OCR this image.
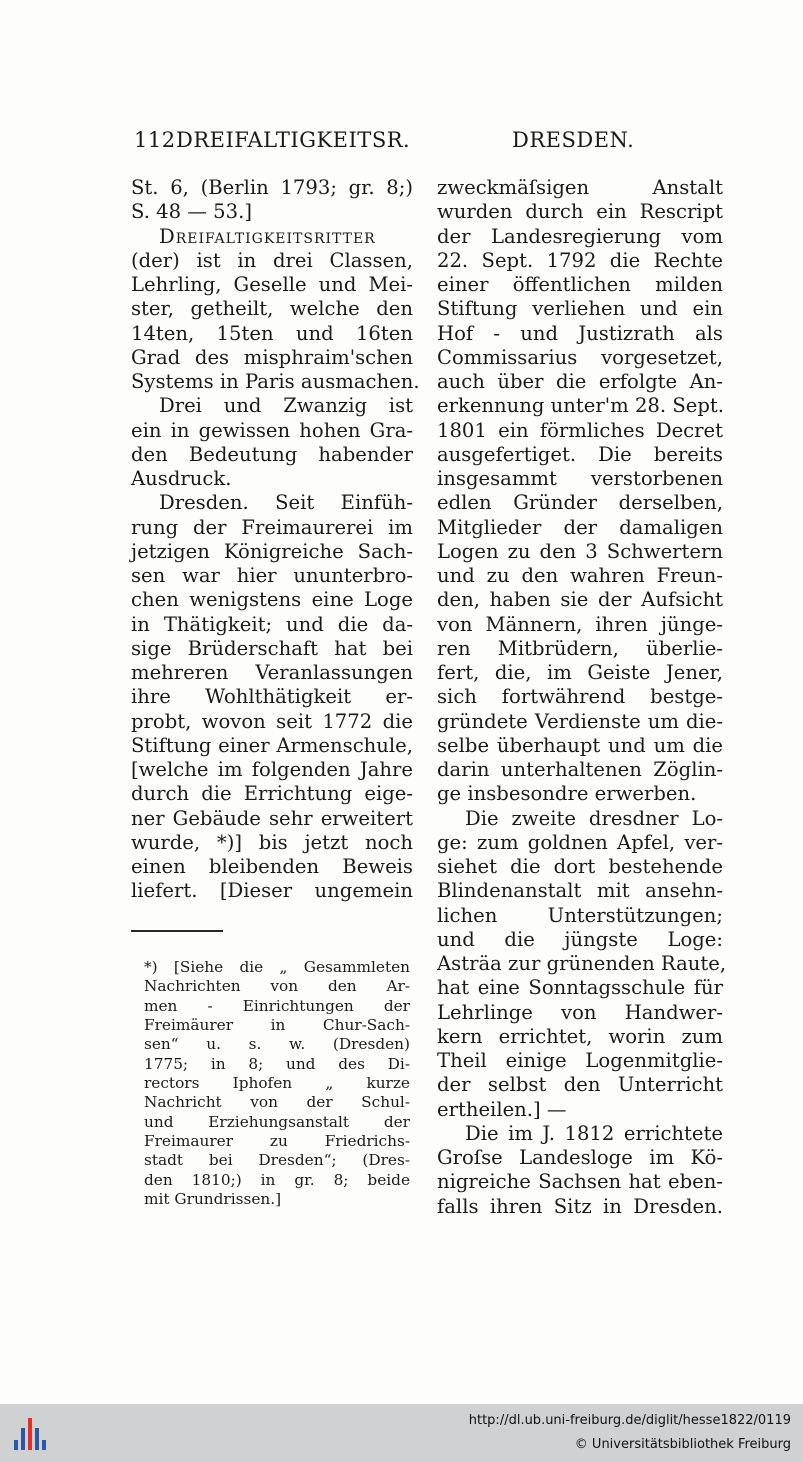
112 DREIFALTIGKEITSR.	DRESDEN.
St. 6, (Berlin 1793; gr. 8;)
S. 48 — 53.]
Dreifaltigkeitsritter
(der) ist in drei Classen,
Lehrling, Geselle und Mei-
ster, getheilt, welche den
14ten, 15ten und 16ten
Grad des misphraim'schen
Systems in Paris ausmachen.
Drei und Zwanzig ist
ein in gewissen hohen Gra-
den Bedeutung habender
Ausdruck.
Dresden. Seit Einfüh-
rung der Freimaurerei im
jetzigen Königreiche Sach-
sen war hier ununterbro-
chen wenigstens eine Loge
in Thätigkeit; und die da-
sige Brüderschaft hat bei
mehreren Veranlassungen
ihre Wohlthätigkeit er-
probt, wovon seit 1772 die
Stiftung einer Armenschule,
[welche im folgenden Jahre
durch die Errichtung eige-
ner Gebäude sehr erweitert
wurde, *)] bis jetzt noch
einen bleibenden Beweis
liefert. [Dieser ungemein
zweckmäſsigen Anstalt
wurden durch ein Rescript
der Landesregierung vom
22. Sept. 1792 die Rechte
einer öffentlichen milden
Stiftung verliehen und ein
Hof - und Justizrath als
Commissarius vorgesetzet,
auch über die erfolgte An-
erkennung unter'm 28. Sept.
1801 ein förmliches Decret
ausgefertiget. Die bereits
insgesammt verstorbenen
edlen Gründer derselben,
Mitglieder der damaligen
Logen zu den 3 Schwertern
und zu den wahren Freun-
den, haben sie der Aufsicht
von Männern, ihren jünge-
ren Mitbrüdern, überlie-
fert, die, im Geiste Jener,
sich fortwährend bestge-
gründete Verdienste um die-
selbe überhaupt und um die
darin unterhaltenen Zöglin-
ge insbesondre erwerben.
Die zweite dresdner Lo-
ge: zum goldnen Apfel, ver-
siehet die dort bestehende
Blindenanstalt mit ansehn-
lichen Unterstützungen;
und die jüngste Loge:
Asträa zur grünenden Raute,
hat eine Sonntagsschule für
Lehrlinge von Handwer-
kern errichtet, worin zum
Theil einige Logenmitglie-
der selbst den Unterricht
ertheilen.] —
Die im J. 1812 errichtete
Groſse Landesloge im Kö-
nigreiche Sachsen hat eben-
falls ihren Sitz in Dresden.
*) [Siehe die „ Gesammleten
Nachrichten von den Ar-
men - Einrichtungen der
Freimäurer in Chur-Sach-
sen“ u. s. w. (Dresden)
1775; in 8; und des Di-
rectors Iphofen „ kurze
Nachricht von der Schul-
und Erziehungsanstalt der
Freimaurer zu Friedrichs-
stadt bei Dresden“; (Dres-
den 1810;) in gr. 8; beide
mit Grundrissen.]
http://dl.ub.uni-freiburg.de/diglit/hesse1822/0119
© Universitätsbibliothek Freiburg
